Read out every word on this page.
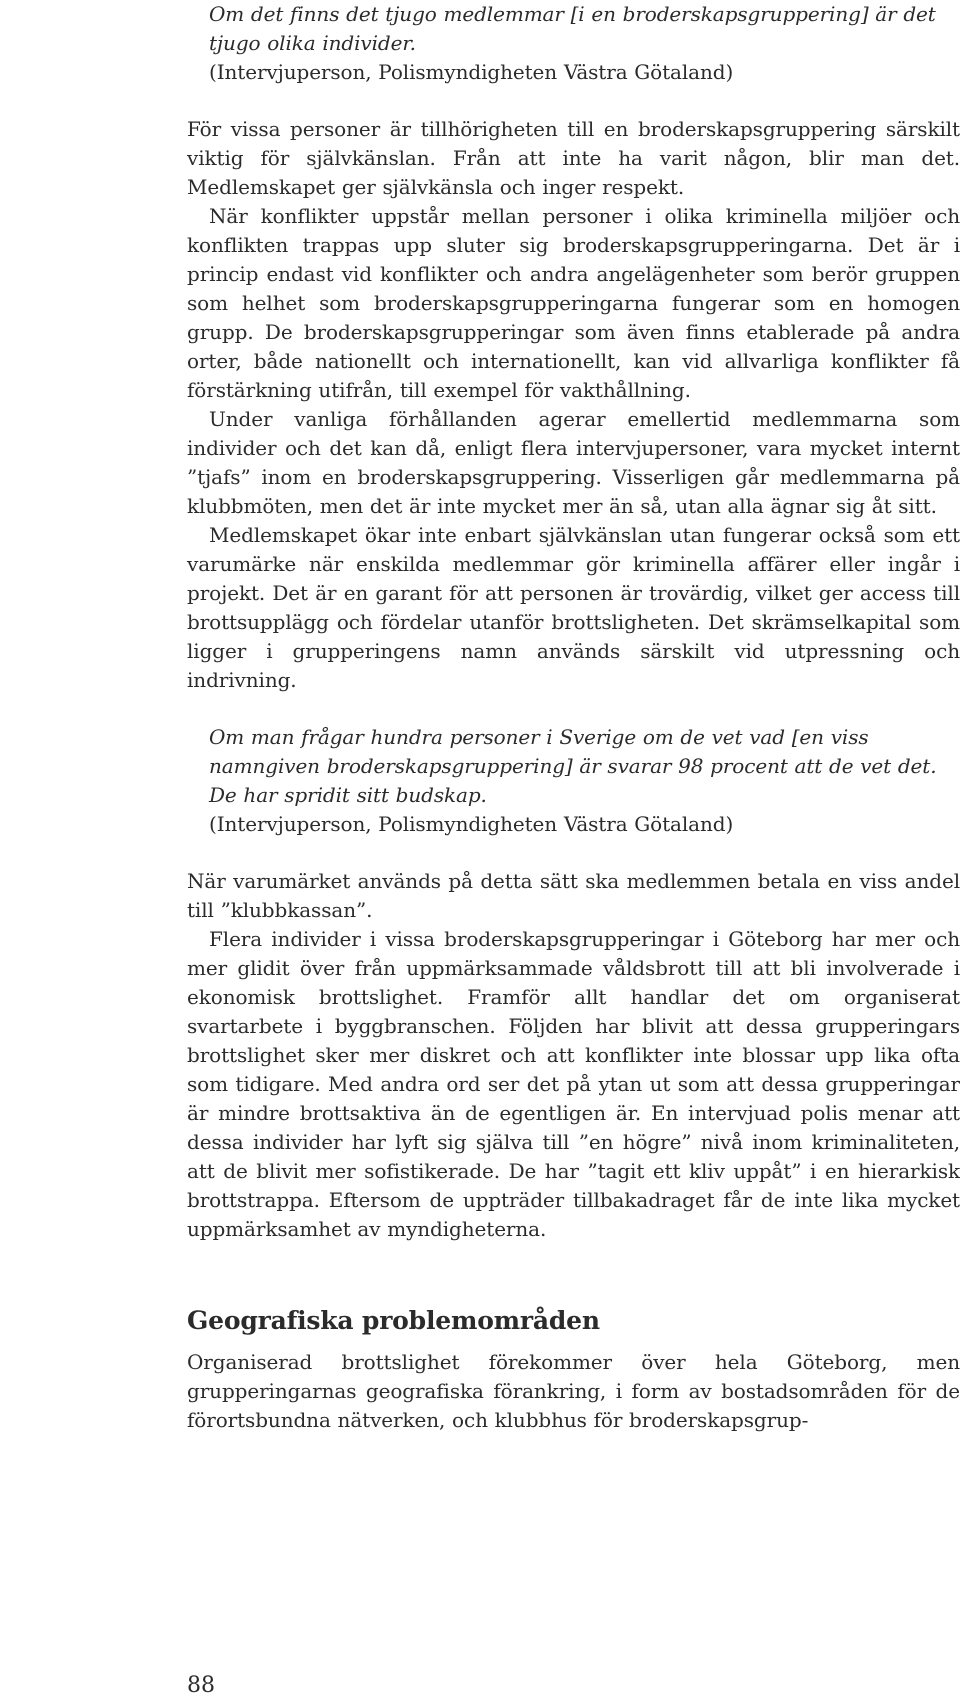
Om det finns det tjugo medlemmar [i en broderskapsgruppering] är det tjugo olika individer.

(Intervjuperson, Polismyndigheten Västra Götaland)

För vissa personer är tillhörigheten till en broderskapsgruppering särskilt viktig för självkänslan. Från att inte ha varit någon, blir man det. Medlemskapet ger självkänsla och inger respekt.

När konflikter uppstår mellan personer i olika kriminella miljöer och konflikten trappas upp sluter sig broderskapsgrupperingarna. Det är i princip endast vid konflikter och andra angelägenheter som berör gruppen som helhet som broderskapsgrupperingarna fungerar som en homogen grupp. De broderskapsgrupperingar som även finns etablerade på andra orter, både nationellt och internationellt, kan vid allvarliga konflikter få förstärkning utifrån, till exempel för vakthållning.

Under vanliga förhållanden agerar emellertid medlemmarna som individer och det kan då, enligt flera intervjupersoner, vara mycket internt ”tjafs” inom en broderskapsgruppering. Visserligen går medlemmarna på klubbmöten, men det är inte mycket mer än så, utan alla ägnar sig åt sitt.

Medlemskapet ökar inte enbart självkänslan utan fungerar också som ett varumärke när enskilda medlemmar gör kriminella affärer eller ingår i projekt. Det är en garant för att personen är trovärdig, vilket ger access till brottsupplägg och fördelar utanför brottsligheten. Det skrämselkapital som ligger i grupperingens namn används särskilt vid utpressning och indrivning.

Om man frågar hundra personer i Sverige om de vet vad [en viss namngiven broderskapsgruppering] är svarar 98 procent att de vet det. De har spridit sitt budskap.

(Intervjuperson, Polismyndigheten Västra Götaland)

När varumärket används på detta sätt ska medlemmen betala en viss andel till ”klubbkassan”.

Flera individer i vissa broderskapsgrupperingar i Göteborg har mer och mer glidit över från uppmärksammade våldsbrott till att bli involverade i ekonomisk brottslighet. Framför allt handlar det om organiserat svartarbete i byggbranschen. Följden har blivit att dessa grupperingars brottslighet sker mer diskret och att konflikter inte blossar upp lika ofta som tidigare. Med andra ord ser det på ytan ut som att dessa grupperingar är mindre brottsaktiva än de egentligen är. En intervjuad polis menar att dessa individer har lyft sig själva till ”en högre” nivå inom kriminaliteten, att de blivit mer sofistikerade. De har ”tagit ett kliv uppåt” i en hierarkisk brottstrappa. Eftersom de uppträder tillbakadraget får de inte lika mycket uppmärksamhet av myndigheterna.

Geografiska problemområden

Organiserad brottslighet förekommer över hela Göteborg, men grupperingarnas geografiska förankring, i form av bostadsområden för de förortsbundna nätverken, och klubbhus för broderskapsgrup-

88
